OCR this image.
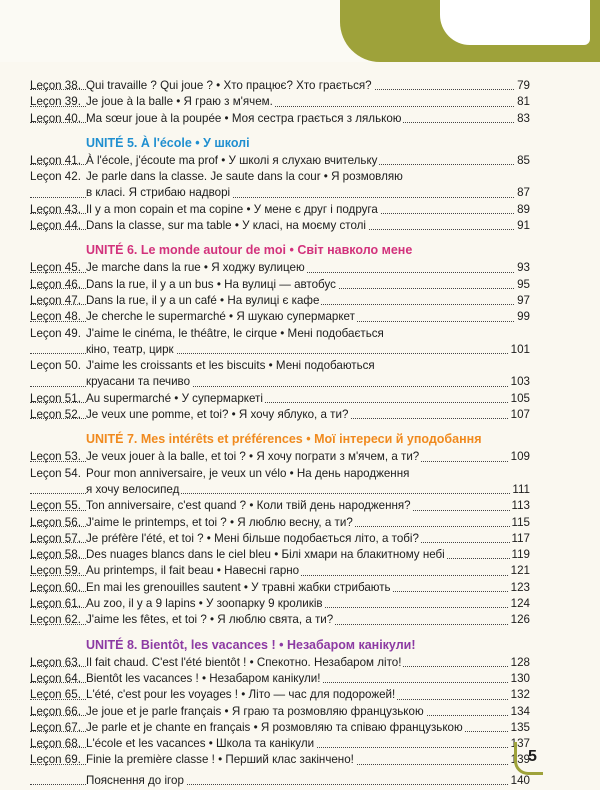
Leçon 38. Qui travaille ? Qui joue ? • Хто працює? Хто грається?	79
Leçon 39. Je joue à la balle • Я граю з м'ячем.	81
Leçon 40. Ma sœur joue à la poupée • Моя сестра грається з лялькою	83
UNITÉ 5. À l'école • У школі
Leçon 41. À l'école, j'écoute ma prof • У школі я слухаю вчительку	85
Leçon 42. Je parle dans la classe. Je saute dans la cour • Я розмовляю
в класі. Я стрибаю надворі	87
Leçon 43. Il y a mon copain et ma copine • У мене є друг і подруга	89
Leçon 44. Dans la classe, sur ma table • У класі, на моєму столі	91
UNITÉ 6. Le monde autour de moi • Світ навколо мене
Leçon 45. Je marche dans la rue • Я ходжу вулицею	93
Leçon 46. Dans la rue, il y a un bus • На вулиці — автобус	95
Leçon 47. Dans la rue, il y a un café • На вулиці є кафе	97
Leçon 48. Je cherche le supermarché • Я шукаю супермаркет	99
Leçon 49. J'aime le cinéma, le théâtre, le cirque • Мені подобається
кіно, театр, цирк	101
Leçon 50. J'aime les croissants et les biscuits • Мені подобаються
круасани та печиво	103
Leçon 51. Au supermarché • У супермаркеті	105
Leçon 52. Je veux une pomme, et toi? • Я хочу яблуко, а ти?	107
UNITÉ 7. Mes intérêts et préférences • Мої інтереси й уподобання
Leçon 53. Je veux jouer à la balle, et toi ? • Я хочу пограти з м'ячем, а ти?	109
Leçon 54. Pour mon anniversaire, je veux un vélo • На день народження
я хочу велосипед	111
Leçon 55. Ton anniversaire, c'est quand ? • Коли твій день народження?	113
Leçon 56. J'aime le printemps, et toi ? • Я люблю весну, а ти?	115
Leçon 57. Je préfère l'été, et toi ? • Мені більше подобається літо, а тобі?	117
Leçon 58. Des nuages blancs dans le ciel bleu • Білі хмари на блакитному небі	119
Leçon 59. Au printemps, il fait beau • Навесні гарно	121
Leçon 60. En mai les grenouilles sautent • У травні жабки стрибають	123
Leçon 61. Au zoo, il y a 9 lapins • У зоопарку 9 кроликів	124
Leçon 62. J'aime les fêtes, et toi ? • Я люблю свята, а ти?	126
UNITÉ 8. Bientôt, les vacances ! • Незабаром канікули!
Leçon 63. Il fait chaud. C'est l'été bientôt ! • Спекотно. Незабаром літо!	128
Leçon 64. Bientôt les vacances ! • Незабаром канікули!	130
Leçon 65. L'été, c'est pour les voyages ! • Літо — час для подорожей!	132
Leçon 66. Je joue et je parle français • Я граю та розмовляю французькою	134
Leçon 67. Je parle et je chante en français • Я розмовляю та співаю французькою	135
Leçon 68. L'école et les vacances • Школа та канікули	137
Leçon 69. Finie la première classe ! • Перший клас закінчено!	139
Пояснення до ігор	140
5
